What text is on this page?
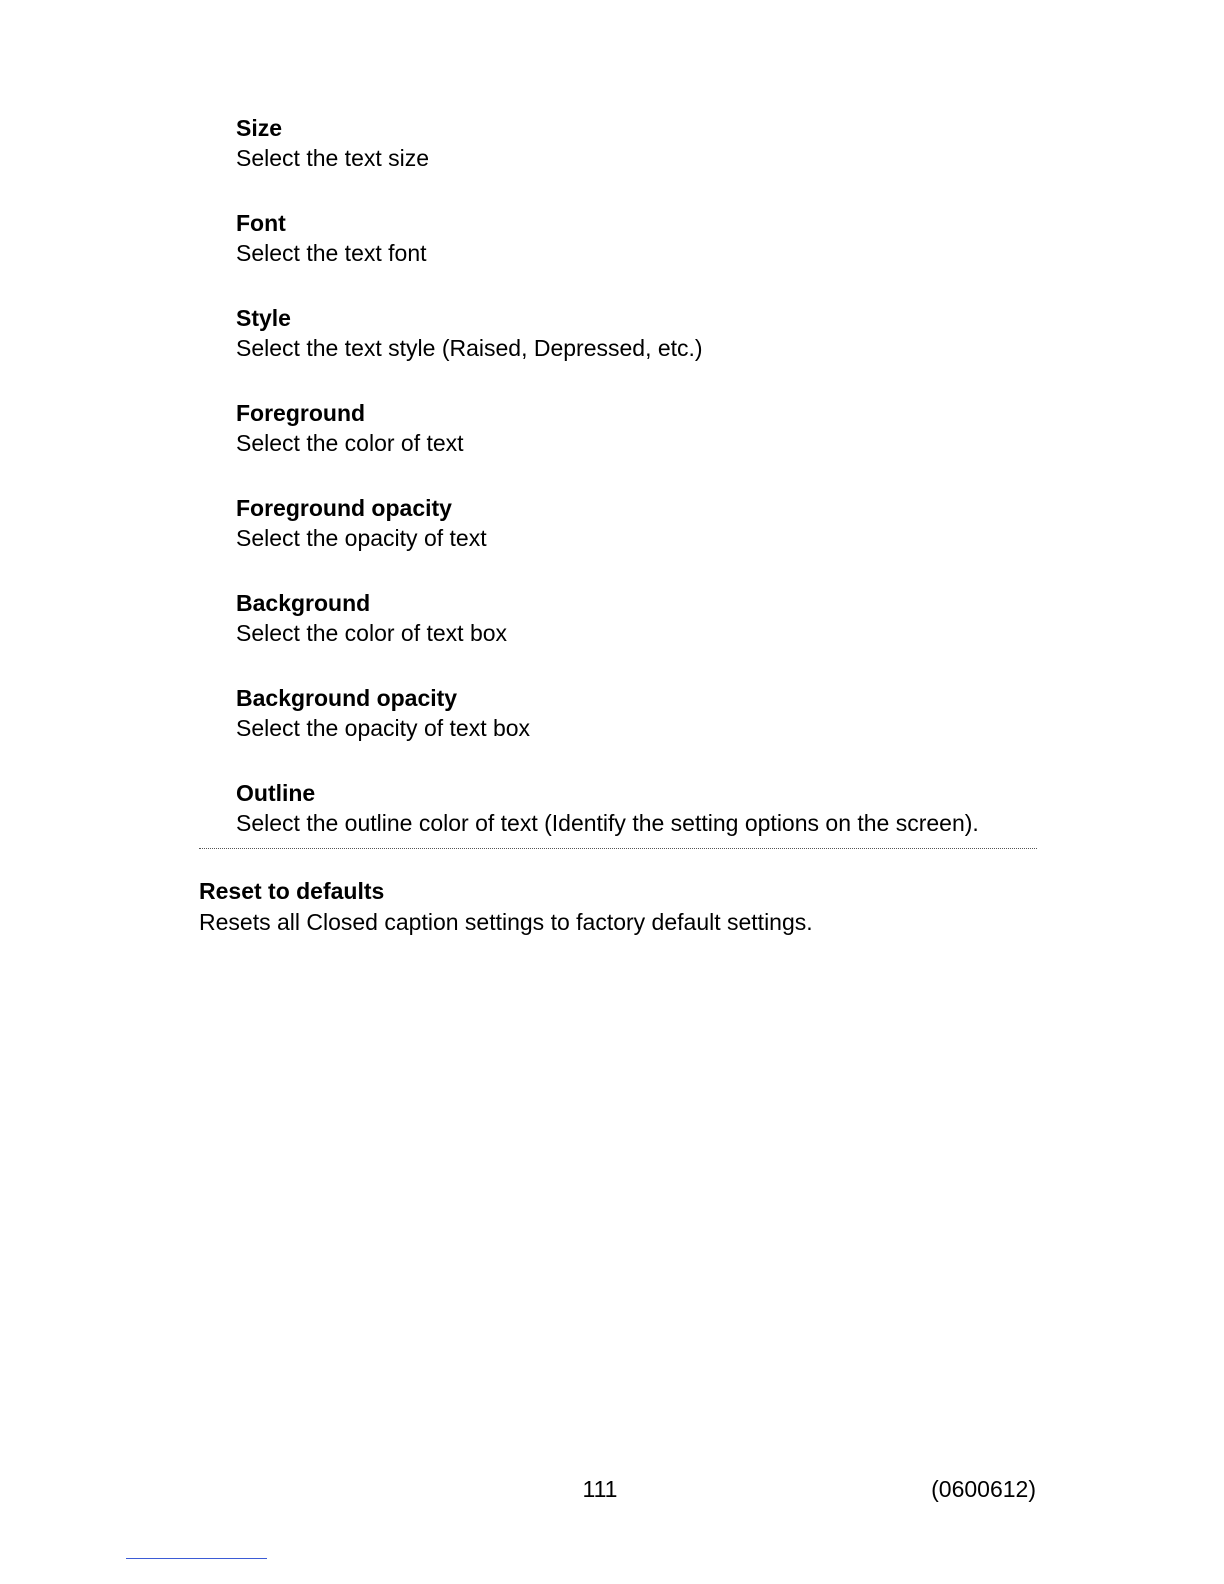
Size
Select the text size
Font
Select the text font
Style
Select the text style (Raised, Depressed, etc.)
Foreground
Select the color of text
Foreground opacity
Select the opacity of text
Background
Select the color of text box
Background opacity
Select the opacity of text box
Outline
Select the outline color of text (Identify the setting options on the screen).
Reset to defaults
Resets all Closed caption settings to factory default settings.
111	(0600612)
